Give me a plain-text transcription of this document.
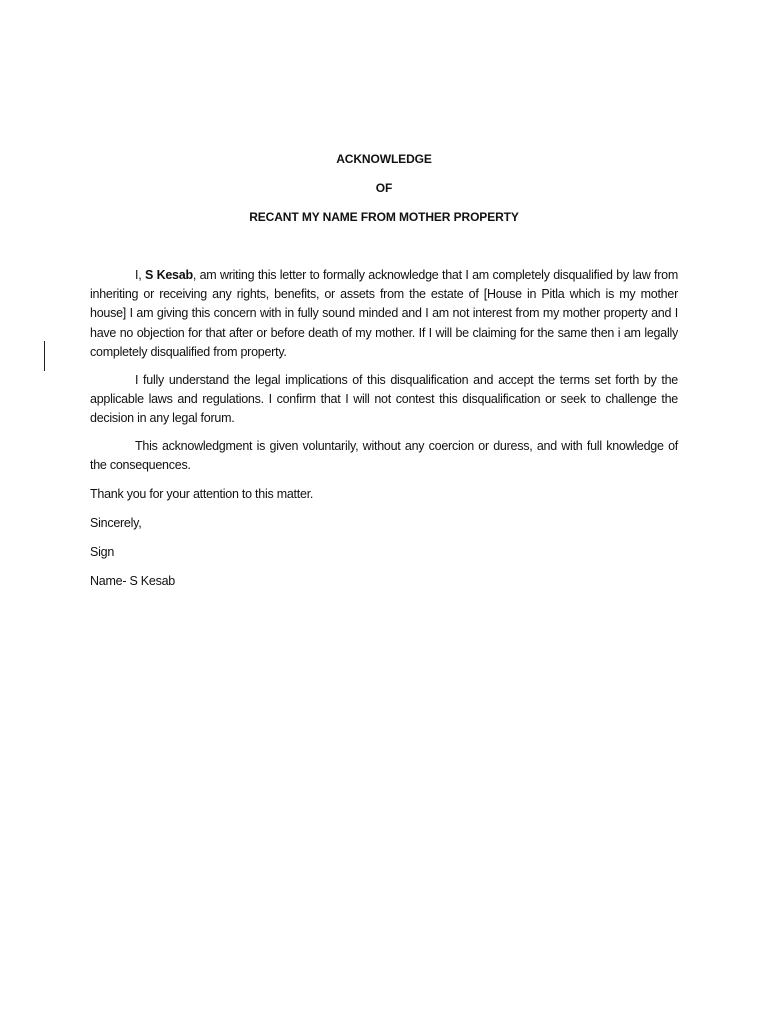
ACKNOWLEDGE
OF
RECANT MY NAME FROM MOTHER PROPERTY

I, S Kesab, am writing this letter to formally acknowledge that I am completely disqualified by law from inheriting or receiving any rights, benefits, or assets from the estate of [House in Pitla which is my mother house] I am giving this concern with in fully sound minded and I am not interest from my mother property and I have no objection for that after or before death of my mother. If I will be claiming for the same then i am legally completely disqualified from property.

I fully understand the legal implications of this disqualification and accept the terms set forth by the applicable laws and regulations. I confirm that I will not contest this disqualification or seek to challenge the decision in any legal forum.

This acknowledgment is given voluntarily, without any coercion or duress, and with full knowledge of the consequences.

Thank you for your attention to this matter.
Sincerely,
Sign
Name- S Kesab
